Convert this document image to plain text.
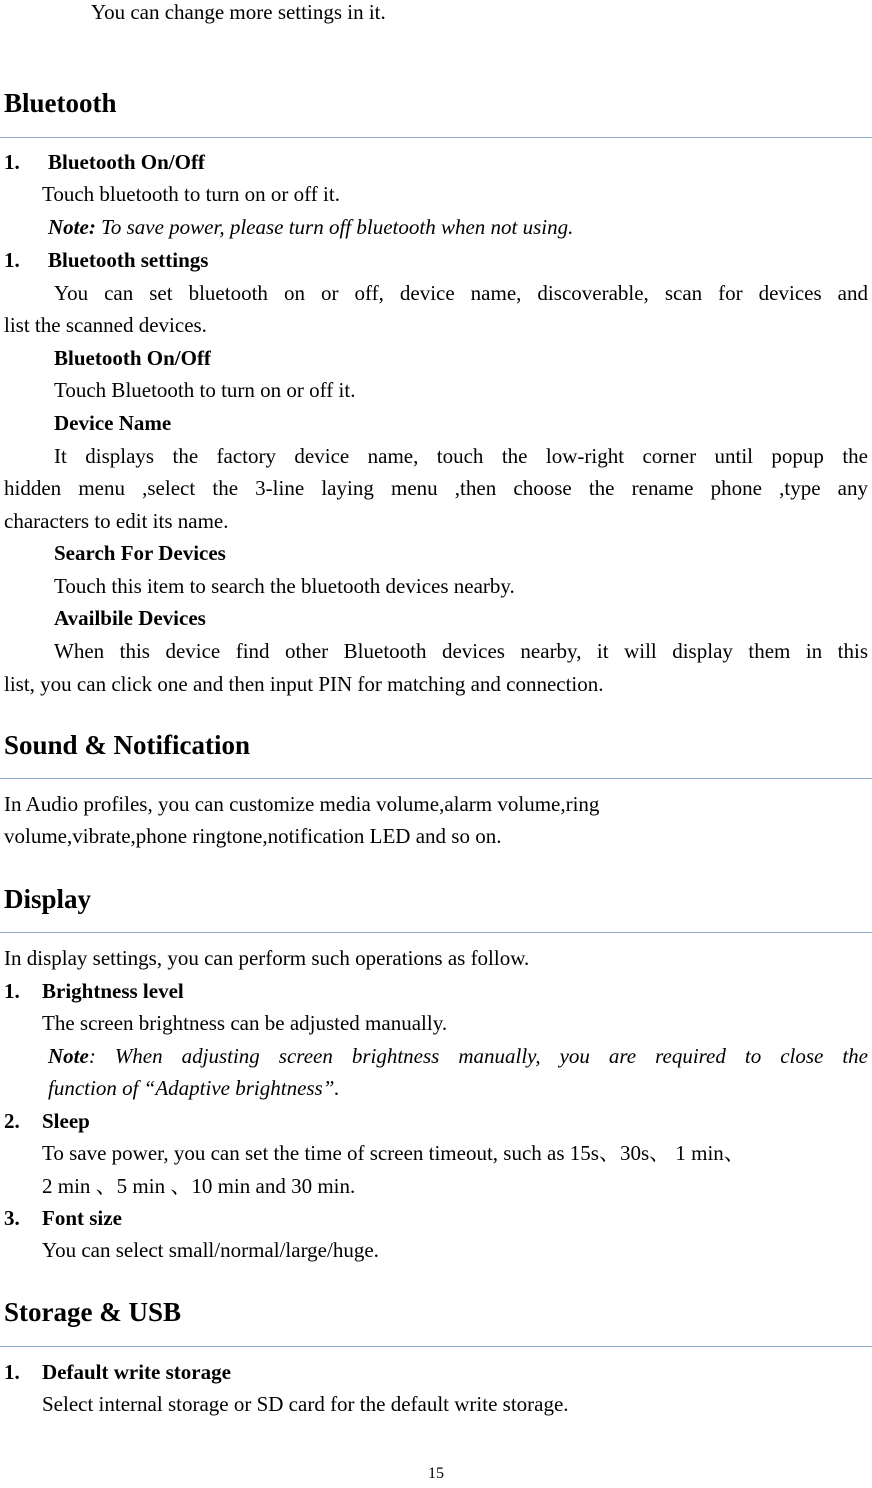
You can change more settings in it.
Bluetooth
1. Bluetooth On/Off
Touch bluetooth to turn on or off it.
Note: To save power, please turn off bluetooth when not using.
1. Bluetooth settings
You can set bluetooth on or off, device name, discoverable, scan for devices and
list the scanned devices.
Bluetooth On/Off
Touch Bluetooth to turn on or off it.
Device Name
It displays the factory device name, touch the low-right corner until popup the
hidden menu ,select the 3-line laying menu ,then choose the rename phone ,type any
characters to edit its name.
Search For Devices
Touch this item to search the bluetooth devices nearby.
Availbile Devices
When this device find other Bluetooth devices nearby, it will display them in this
list, you can click one and then input PIN for matching and connection.
Sound & Notification
In Audio profiles, you can customize media volume,alarm volume,ring
volume,vibrate,phone ringtone,notification LED and so on.
Display
In display settings, you can perform such operations as follow.
1. Brightness level
The screen brightness can be adjusted manually.
Note: When adjusting screen brightness manually, you are required to close the
function of “Adaptive brightness”.
2. Sleep
To save power, you can set the time of screen timeout, such as 15s、30s、 1 min、
2 min 、5 min 、10 min and 30 min.
3. Font size
You can select small/normal/large/huge.
Storage & USB
1. Default write storage
Select internal storage or SD card for the default write storage.
15
